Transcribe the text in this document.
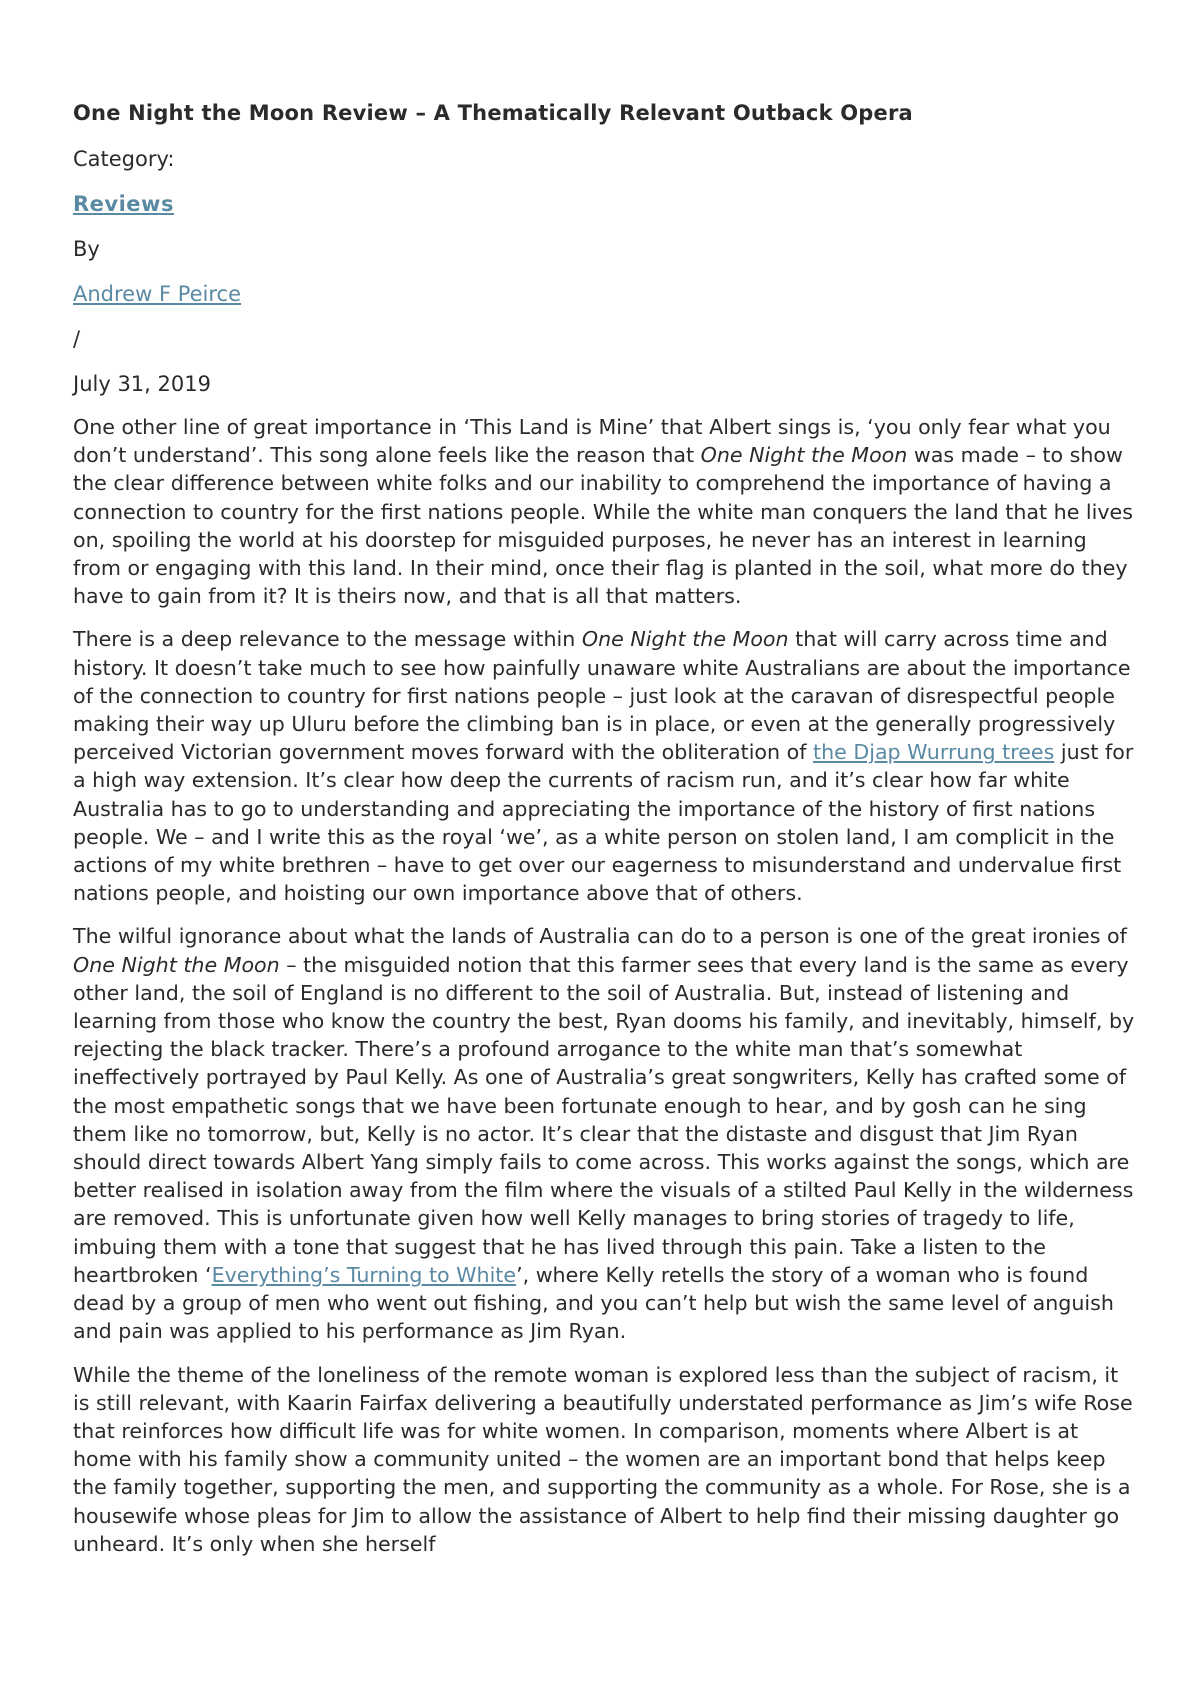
One Night the Moon Review – A Thematically Relevant Outback Opera
Category:
Reviews
By
Andrew F Peirce
/
July 31, 2019

One other line of great importance in ‘This Land is Mine’ that Albert sings is, ‘you only fear what you don’t understand’. This song alone feels like the reason that One Night the Moon was made – to show the clear difference between white folks and our inability to comprehend the importance of having a connection to country for the first nations people. While the white man conquers the land that he lives on, spoiling the world at his doorstep for misguided purposes, he never has an interest in learning from or engaging with this land. In their mind, once their flag is planted in the soil, what more do they have to gain from it? It is theirs now, and that is all that matters.

There is a deep relevance to the message within One Night the Moon that will carry across time and history. It doesn’t take much to see how painfully unaware white Australians are about the importance of the connection to country for first nations people – just look at the caravan of disrespectful people making their way up Uluru before the climbing ban is in place, or even at the generally progressively perceived Victorian government moves forward with the obliteration of the Djap Wurrung trees just for a high way extension. It’s clear how deep the currents of racism run, and it’s clear how far white Australia has to go to understanding and appreciating the importance of the history of first nations people. We – and I write this as the royal ‘we’, as a white person on stolen land, I am complicit in the actions of my white brethren – have to get over our eagerness to misunderstand and undervalue first nations people, and hoisting our own importance above that of others.

The wilful ignorance about what the lands of Australia can do to a person is one of the great ironies of One Night the Moon – the misguided notion that this farmer sees that every land is the same as every other land, the soil of England is no different to the soil of Australia. But, instead of listening and learning from those who know the country the best, Ryan dooms his family, and inevitably, himself, by rejecting the black tracker. There’s a profound arrogance to the white man that’s somewhat ineffectively portrayed by Paul Kelly. As one of Australia’s great songwriters, Kelly has crafted some of the most empathetic songs that we have been fortunate enough to hear, and by gosh can he sing them like no tomorrow, but, Kelly is no actor. It’s clear that the distaste and disgust that Jim Ryan should direct towards Albert Yang simply fails to come across. This works against the songs, which are better realised in isolation away from the film where the visuals of a stilted Paul Kelly in the wilderness are removed. This is unfortunate given how well Kelly manages to bring stories of tragedy to life, imbuing them with a tone that suggest that he has lived through this pain. Take a listen to the heartbroken ‘Everything’s Turning to White’, where Kelly retells the story of a woman who is found dead by a group of men who went out fishing, and you can’t help but wish the same level of anguish and pain was applied to his performance as Jim Ryan.

While the theme of the loneliness of the remote woman is explored less than the subject of racism, it is still relevant, with Kaarin Fairfax delivering a beautifully understated performance as Jim’s wife Rose that reinforces how difficult life was for white women. In comparison, moments where Albert is at home with his family show a community united – the women are an important bond that helps keep the family together, supporting the men, and supporting the community as a whole. For Rose, she is a housewife whose pleas for Jim to allow the assistance of Albert to help find their missing daughter go unheard. It’s only when she herself
